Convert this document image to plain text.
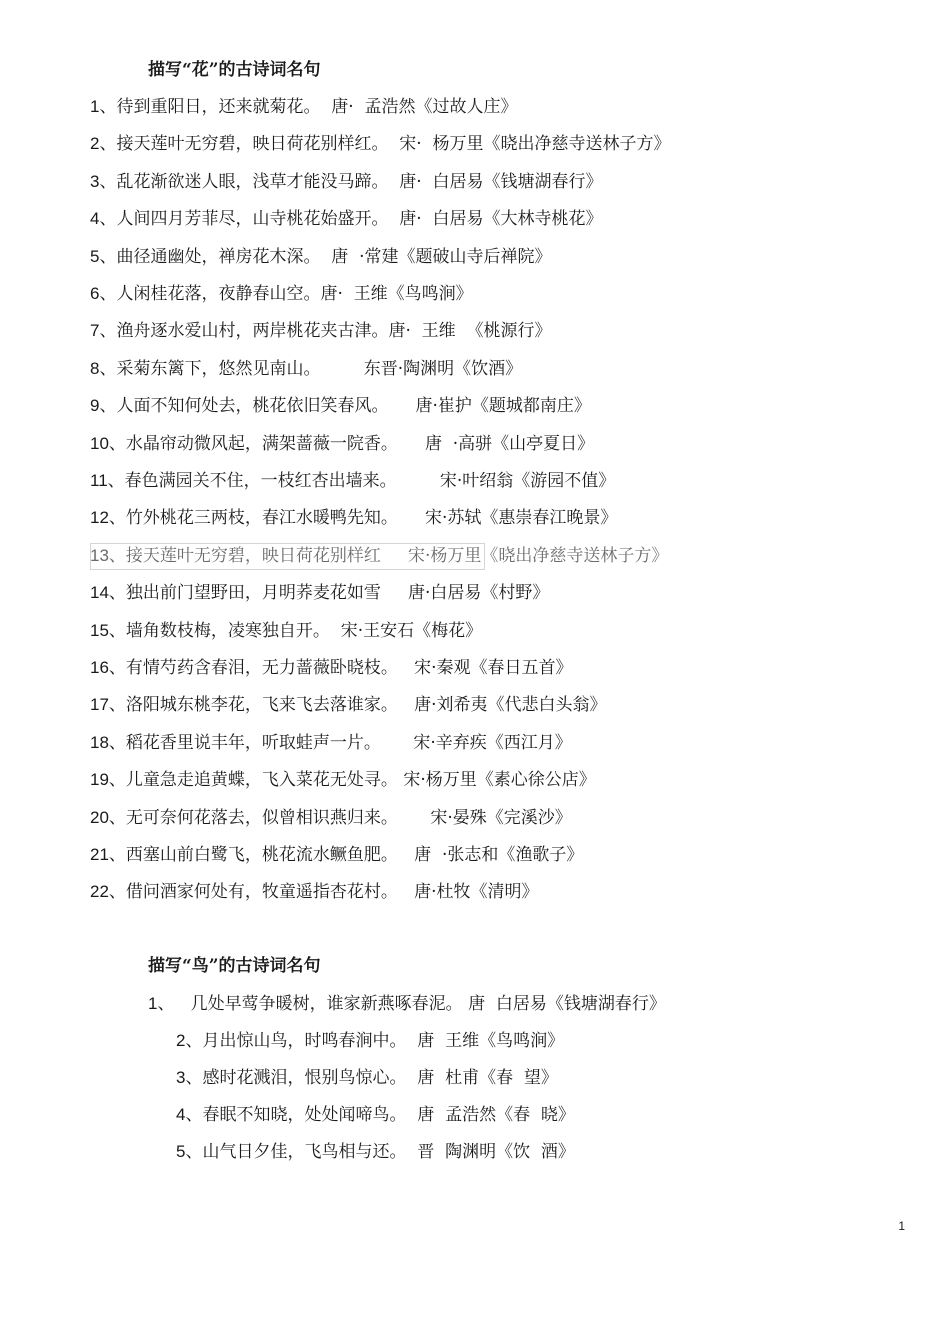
描写“花”的古诗词名句
1、待到重阳日，还来就菊花。  唐·  孟浩然《过故人庄》
2、接天莲叶无穷碧，映日荷花别样红。  宋·  杨万里《晓出净慈寺送林子方》
3、乱花渐欲迷人眼，浅草才能没马蹄。  唐·  白居易《钱塘湖春行》
4、人间四月芳菲尽，山寺桃花始盛开。  唐·  白居易《大林寺桃花》
5、曲径通幽处，禅房花木深。  唐  ·常建《题破山寺后禅院》
6、人闲桂花落，夜静春山空。唐·  王维《鸟鸣涧》
7、渔舟逐水爱山村，两岸桃花夹古津。唐·  王维  《桃源行》
8、采菊东篱下，悠然见南山。        东晋·陶渊明《饮酒》
9、人面不知何处去，桃花依旧笑春风。     唐·崔护《题城都南庄》
10、水晶帘动微风起，满架蔷薇一院香。     唐  ·高骈《山亭夏日》
11、春色满园关不住，一枝红杏出墙来。        宋·叶绍翁《游园不值》
12、竹外桃花三两枝，春江水暖鸭先知。     宋·苏轼《惠崇春江晚景》
13、接天莲叶无穷碧，映日荷花别样红     宋·杨万里《晓出净慈寺送林子方》
14、独出前门望野田，月明荞麦花如雪     唐·白居易《村野》
15、墙角数枝梅，凌寒独自开。  宋·王安石《梅花》
16、有情芍药含春泪，无力蔷薇卧晓枝。   宋·秦观《春日五首》
17、洛阳城东桃李花，飞来飞去落谁家。   唐·刘希夷《代悲白头翁》
18、稻花香里说丰年，听取蛙声一片。      宋·辛弃疾《西江月》
19、儿童急走追黄蝶，飞入菜花无处寻。 宋·杨万里《素心徐公店》
20、无可奈何花落去，似曾相识燕归来。      宋·晏殊《完溪沙》
21、西塞山前白鹭飞，桃花流水鳜鱼肥。   唐  ·张志和《渔歌子》
22、借问酒家何处有，牧童遥指杏花村。   唐·杜牧《清明》
描写“鸟”的古诗词名句
1、   几处早莺争暖树，谁家新燕啄春泥。 唐  白居易《钱塘湖春行》
2、月出惊山鸟，时鸣春涧中。  唐  王维《鸟鸣涧》
3、感时花溅泪，恨别鸟惊心。  唐  杜甫《春  望》
4、春眠不知晓，处处闻啼鸟。  唐  孟浩然《春  晓》
5、山气日夕佳，飞鸟相与还。  晋  陶渊明《饮  酒》
1
